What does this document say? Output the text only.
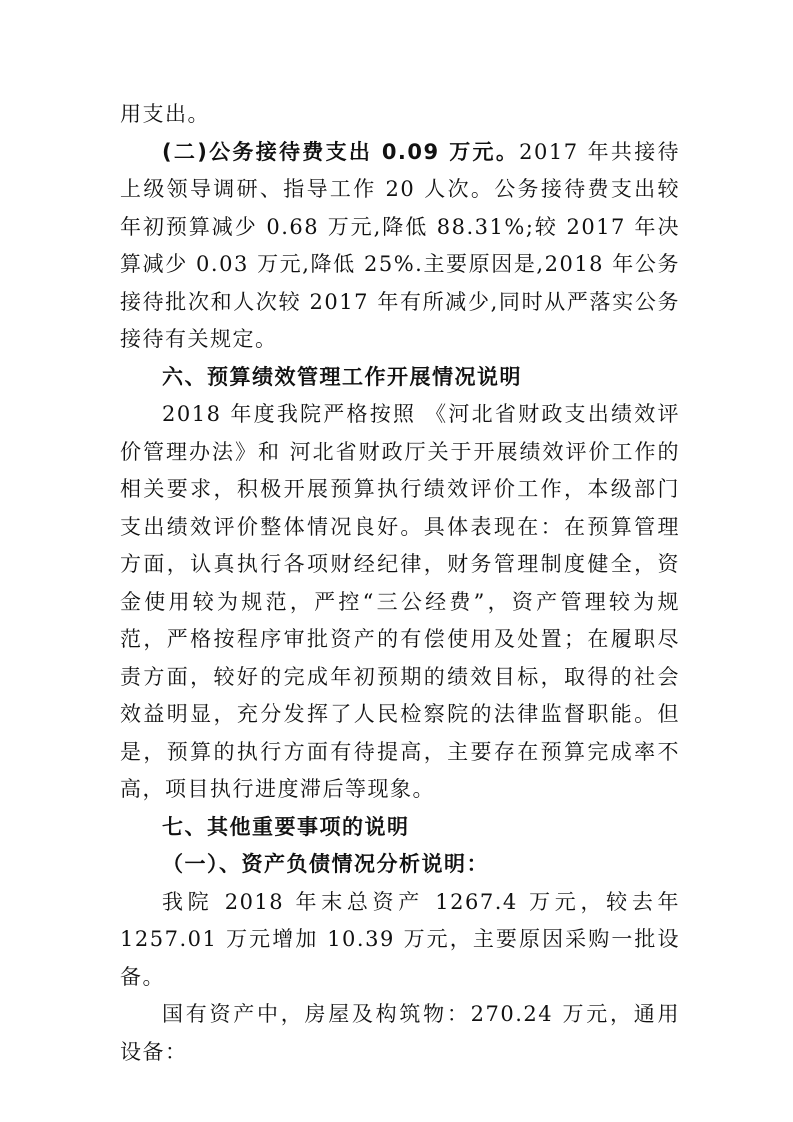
用支出。

(二)公务接待费支出 0.09 万元。2017 年共接待上级领导调研、指导工作 20 人次。公务接待费支出较年初预算减少 0.68 万元,降低 88.31%;较 2017 年决算减少 0.03 万元,降低 25%.主要原因是,2018 年公务接待批次和人次较 2017 年有所减少,同时从严落实公务接待有关规定。

六、预算绩效管理工作开展情况说明

2018 年度我院严格按照 《河北省财政支出绩效评价管理办法》和 河北省财政厅关于开展绩效评价工作的相关要求，积极开展预算执行绩效评价工作，本级部门支出绩效评价整体情况良好。具体表现在：在预算管理方面，认真执行各项财经纪律，财务管理制度健全，资金使用较为规范，严控“三公经费”，资产管理较为规范，严格按程序审批资产的有偿使用及处置；在履职尽责方面，较好的完成年初预期的绩效目标，取得的社会效益明显，充分发挥了人民检察院的法律监督职能。但是，预算的执行方面有待提高，主要存在预算完成率不高，项目执行进度滞后等现象。

七、其他重要事项的说明

（一）、资产负债情况分析说明：

我院 2018 年末总资产 1267.4 万元，较去年 1257.01 万元增加 10.39 万元，主要原因采购一批设备。

国有资产中，房屋及构筑物：270.24 万元，通用设备：
